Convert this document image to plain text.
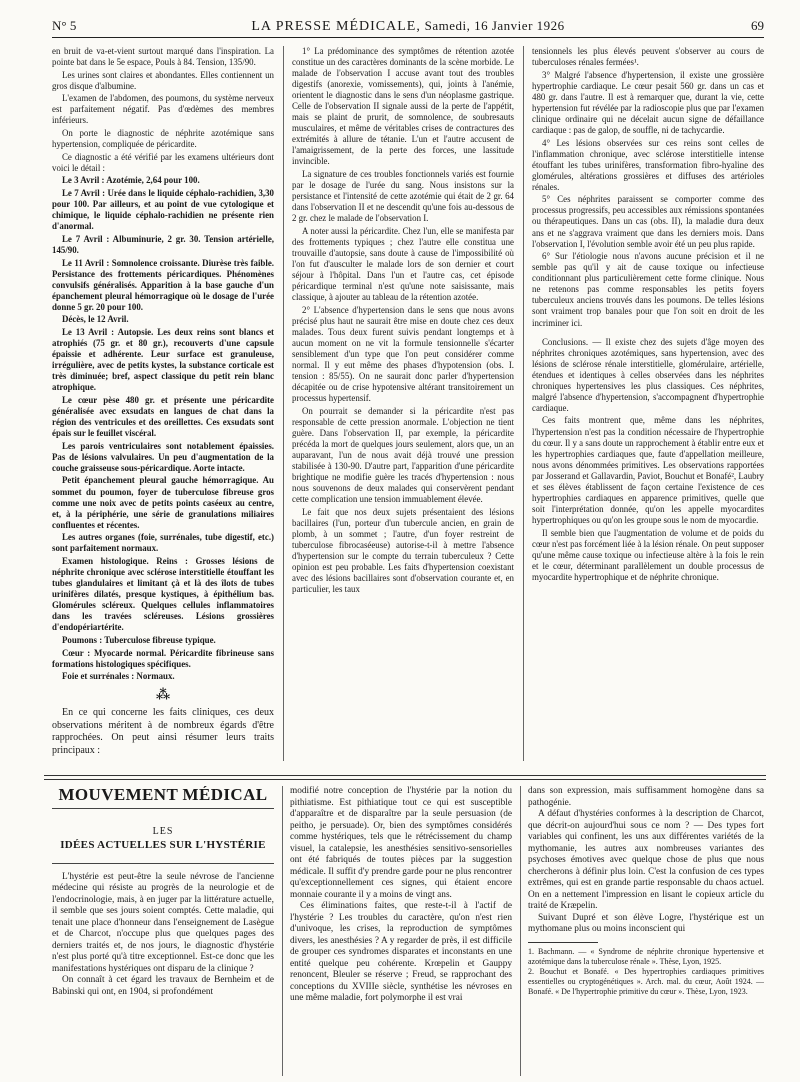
N° 5	LA PRESSE MÉDICALE, Samedi, 16 Janvier 1926	69

en bruit de va-et-vient surtout marqué dans l'inspiration. La pointe bat dans le 5e espace, Pouls à 84. Tension, 135/90.

Les urines sont claires et abondantes. Elles contiennent un gros disque d'albumine.

L'examen de l'abdomen, des poumons, du système nerveux est parfaitement négatif. Pas d'œdèmes des membres inférieurs.

On porte le diagnostic de néphrite azotémique sans hypertension, compliquée de péricardite.

Ce diagnostic a été vérifié par les examens ultérieurs dont voici le détail :

Le 3 Avril : Azotémie, 2,64 pour 100.

Le 7 Avril : Urée dans le liquide céphalo-rachidien, 3,30 pour 100. Par ailleurs, et au point de vue cytologique et chimique, le liquide céphalo-rachidien ne présente rien d'anormal.

Le 7 Avril : Albuminurie, 2 gr. 30. Tension artérielle, 145/90.

Le 11 Avril : Somnolence croissante. Diurèse très faible. Persistance des frottements péricardiques. Phénomènes convulsifs généralisés. Apparition à la base gauche d'un épanchement pleural hémorragique où le dosage de l'urée donne 5 gr. 20 pour 100.

Décès, le 12 Avril.

Le 13 Avril : Autopsie. Les deux reins sont blancs et atrophiés (75 gr. et 80 gr.), recouverts d'une capsule épaissie et adhérente. Leur surface est granuleuse, irrégulière, avec de petits kystes, la substance corticale est très diminuée; bref, aspect classique du petit rein blanc atrophique.

Le cœur pèse 480 gr. et présente une péricardite généralisée avec exsudats en langues de chat dans la région des ventricules et des oreillettes. Ces exsudats sont épais sur le feuillet viscéral.

Les parois ventriculaires sont notablement épaissies. Pas de lésions valvulaires. Un peu d'augmentation de la couche graisseuse sous-péricardique. Aorte intacte.

Petit épanchement pleural gauche hémorragique. Au sommet du poumon, foyer de tuberculose fibreuse gros comme une noix avec de petits points caséeux au centre, et, à la périphérie, une série de granulations miliaires confluentes et récentes.

Les autres organes (foie, surrénales, tube digestif, etc.) sont parfaitement normaux.

Examen histologique. Reins : Grosses lésions de néphrite chronique avec sclérose interstitielle étouffant les tubes glandulaires et limitant çà et là des îlots de tubes urinifères dilatés, presque kystiques, à épithélium bas. Glomérules scléreux. Quelques cellules inflammatoires dans les travées scléreuses. Lésions grossières d'endopériartérite.

Poumons : Tuberculose fibreuse typique.

Cœur : Myocarde normal. Péricardite fibrineuse sans formations histologiques spécifiques.

Foie et surrénales : Normaux.

⁂

En ce qui concerne les faits cliniques, ces deux observations méritent à de nombreux égards d'être rapprochées. On peut ainsi résumer leurs traits principaux :

1° La prédominance des symptômes de rétention azotée constitue un des caractères dominants de la scène morbide. Le malade de l'observation I accuse avant tout des troubles digestifs (anorexie, vomissements), qui, joints à l'anémie, orientent le diagnostic dans le sens d'un néoplasme gastrique. Celle de l'observation II signale aussi de la perte de l'appétit, mais se plaint de prurit, de somnolence, de soubresauts musculaires, et même de véritables crises de contractures des extrémités à allure de tétanie. L'un et l'autre accusent de l'amaigrissement, de la perte des forces, une lassitude invincible.

La signature de ces troubles fonctionnels variés est fournie par le dosage de l'urée du sang. Nous insistons sur la persistance et l'intensité de cette azotémie qui était de 2 gr. 64 dans l'observation II et ne descendit qu'une fois au-dessous de 2 gr. chez le malade de l'observation I.

A noter aussi la péricardite. Chez l'un, elle se manifesta par des frottements typiques ; chez l'autre elle constitua une trouvaille d'autopsie, sans doute à cause de l'impossibilité où l'on fut d'ausculter le malade lors de son dernier et court séjour à l'hôpital. Dans l'un et l'autre cas, cet épisode péricardique terminal n'est qu'une note saisissante, mais classique, à ajouter au tableau de la rétention azotée.

2° L'absence d'hypertension dans le sens que nous avons précisé plus haut ne saurait être mise en doute chez ces deux malades. Tous deux furent suivis pendant longtemps et à aucun moment on ne vit la formule tensionnelle s'écarter sensiblement d'un type que l'on peut considérer comme normal. Il y eut même des phases d'hypotension (obs. I. tension : 85/55). On ne saurait donc parler d'hypertension décapitée ou de crise hypotensive altérant transitoirement un processus hypertensif.

On pourrait se demander si la péricardite n'est pas responsable de cette pression anormale. L'objection ne tient guère. Dans l'observation II, par exemple, la péricardite précéda la mort de quelques jours seulement, alors que, un an auparavant, l'un de nous avait déjà trouvé une pression stabilisée à 130-90. D'autre part, l'apparition d'une péricardite brightique ne modifie guère les tracés d'hypertension : nous nous souvenons de deux malades qui conservèrent pendant cette complication une tension immuablement élevée.

Le fait que nos deux sujets présentaient des lésions bacillaires (l'un, porteur d'un tubercule ancien, en grain de plomb, à un sommet ; l'autre, d'un foyer restreint de tuberculose fibrocaséeuse) autorise-t-il à mettre l'absence d'hypertension sur le compte du terrain tuberculeux ? Cette opinion est peu probable. Les faits d'hypertension coexistant avec des lésions bacillaires sont d'observation courante et, en particulier, les taux

tensionnels les plus élevés peuvent s'observer au cours de tuberculoses rénales fermées¹.

3° Malgré l'absence d'hypertension, il existe une grossière hypertrophie cardiaque. Le cœur pesait 560 gr. dans un cas et 480 gr. dans l'autre. Il est à remarquer que, durant la vie, cette hypertension fut révélée par la radioscopie plus que par l'examen clinique ordinaire qui ne décelait aucun signe de défaillance cardiaque : pas de galop, de souffle, ni de tachycardie.

4° Les lésions observées sur ces reins sont celles de l'inflammation chronique, avec sclérose interstitielle intense étouffant les tubes urinifères, transformation fibro-hyaline des glomérules, altérations grossières et diffuses des artérioles rénales.

5° Ces néphrites paraissent se comporter comme des processus progressifs, peu accessibles aux rémissions spontanées ou thérapeutiques. Dans un cas (obs. II), la maladie dura deux ans et ne s'aggrava vraiment que dans les derniers mois. Dans l'observation I, l'évolution semble avoir été un peu plus rapide.

6° Sur l'étiologie nous n'avons aucune précision et il ne semble pas qu'il y ait de cause toxique ou infectieuse conditionnant plus particulièrement cette forme clinique. Nous ne retenons pas comme responsables les petits foyers tuberculeux anciens trouvés dans les poumons. De telles lésions sont vraiment trop banales pour que l'on soit en droit de les incriminer ici.

Conclusions. — Il existe chez des sujets d'âge moyen des néphrites chroniques azotémiques, sans hypertension, avec des lésions de sclérose rénale interstitielle, glomérulaire, artérielle, étendues et identiques à celles observées dans les néphrites chroniques hypertensives les plus classiques. Ces néphrites, malgré l'absence d'hypertension, s'accompagnent d'hypertrophie cardiaque.

Ces faits montrent que, même dans les néphrites, l'hypertension n'est pas la condition nécessaire de l'hypertrophie du cœur. Il y a sans doute un rapprochement à établir entre eux et les hypertrophies cardiaques que, faute d'appellation meilleure, nous avons dénommées primitives. Les observations rapportées par Josserand et Gallavardin, Paviot, Bouchut et Bonafé², Laubry et ses élèves établissent de façon certaine l'existence de ces hypertrophies cardiaques en apparence primitives, quelle que soit l'interprétation donnée, qu'on les appelle myocardites hypertrophiques ou qu'on les groupe sous le nom de myocardie.

Il semble bien que l'augmentation de volume et de poids du cœur n'est pas forcément liée à la lésion rénale. On peut supposer qu'une même cause toxique ou infectieuse altère à la fois le rein et le cœur, déterminant parallèlement un double processus de myocardite hypertrophique et de néphrite chronique.

MOUVEMENT MÉDICAL
LES
IDÉES ACTUELLES SUR L'HYSTÉRIE

L'hystérie est peut-être la seule névrose de l'ancienne médecine qui résiste au progrès de la neurologie et de l'endocrinologie, mais, à en juger par la littérature actuelle, il semble que ses jours soient comptés. Cette maladie, qui tenait une place d'honneur dans l'enseignement de Lasègue et de Charcot, n'occupe plus que quelques pages des derniers traités et, de nos jours, le diagnostic d'hystérie n'est plus porté qu'à titre exceptionnel. Est-ce donc que les manifestations hystériques ont disparu de la clinique ?

On connaît à cet égard les travaux de Bernheim et de Babinski qui ont, en 1904, si profondément

modifié notre conception de l'hystérie par la notion du pithiatisme. Est pithiatique tout ce qui est susceptible d'apparaître et de disparaître par la seule persuasion (de peitho, je persuade). Or, bien des symptômes considérés comme hystériques, tels que le rétrécissement du champ visuel, la catalepsie, les anesthésies sensitivo-sensorielles ont été fabriqués de toutes pièces par la suggestion médicale. Il suffit d'y prendre garde pour ne plus rencontrer qu'exceptionnellement ces signes, qui étaient encore monnaie courante il y a moins de vingt ans.

Ces éliminations faites, que reste-t-il à l'actif de l'hystérie ? Les troubles du caractère, qu'on n'est rien d'univoque, les crises, la reproduction de symptômes divers, les anesthésies ? A y regarder de près, il est difficile de grouper ces syndromes disparates et inconstants en une entité quelque peu cohérente. Krœpelin et Gauppy renoncent, Bleuler se réserve ; Freud, se rapprochant des conceptions du XVIIIe siècle, synthétise les névroses en une même maladie, fort polymorphe il est vrai

dans son expression, mais suffisamment homogène dans sa pathogénie.

A défaut d'hystéries conformes à la description de Charcot, que décrit-on aujourd'hui sous ce nom ? — Des types fort variables qui confinent, les uns aux différentes variétés de la mythomanie, les autres aux nombreuses variantes des psychoses émotives avec quelque chose de plus que nous chercherons à définir plus loin. C'est la confusion de ces types extrêmes, qui est en grande partie responsable du chaos actuel. On en a nettement l'impression en lisant le copieux article du traité de Kræpelin.

Suivant Dupré et son élève Logre, l'hystérique est un mythomane plus ou moins inconscient qui

1. Bachmann. — « Syndrome de néphrite chronique hypertensive et azotémique dans la tuberculose rénale ». Thèse, Lyon, 1925.

2. Bouchut et Bonafé. « Des hypertrophies cardiaques primitives essentielles ou cryptogénétiques ». Arch. mal. du cœur, Août 1924. — Bonafé. « De l'hypertrophie primitive du cœur ». Thèse, Lyon, 1923.
